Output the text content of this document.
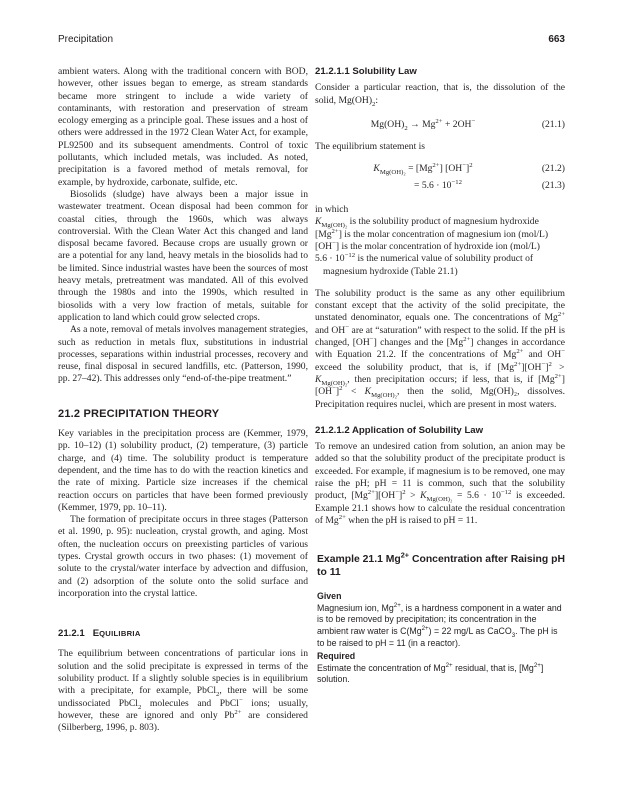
Precipitation	663

ambient waters. Along with the traditional concern with BOD, however, other issues began to emerge, as stream standards became more stringent to include a wide variety of contaminants, with restoration and preservation of stream ecology emerging as a principle goal. These issues and a host of others were addressed in the 1972 Clean Water Act, for example, PL92500 and its subsequent amendments. Control of toxic pollutants, which included metals, was included. As noted, precipitation is a favored method of metals removal, for example, by hydroxide, carbonate, sulfide, etc.

Biosolids (sludge) have always been a major issue in wastewater treatment. Ocean disposal had been common for coastal cities, through the 1960s, which was always controversial. With the Clean Water Act this changed and land disposal became favored. Because crops are usually grown or are a potential for any land, heavy metals in the biosolids had to be limited. Since industrial wastes have been the sources of most heavy metals, pretreatment was mandated. All of this evolved through the 1980s and into the 1990s, which resulted in biosolids with a very low fraction of metals, suitable for application to land which could grow selected crops.

As a note, removal of metals involves management strategies, such as reduction in metals flux, substitutions in industrial processes, separations within industrial processes, recovery and reuse, final disposal in secured landfills, etc. (Patterson, 1990, pp. 27–42). This addresses only “end-of-the-pipe treatment.”

21.2 PRECIPITATION THEORY

Key variables in the precipitation process are (Kemmer, 1979, pp. 10–12) (1) solubility product, (2) temperature, (3) particle charge, and (4) time. The solubility product is temperature dependent, and the time has to do with the reaction kinetics and the rate of mixing. Particle size increases if the chemical reaction occurs on particles that have been formed previously (Kemmer, 1979, pp. 10–11).

The formation of precipitate occurs in three stages (Patterson et al. 1990, p. 95): nucleation, crystal growth, and aging. Most often, the nucleation occurs on preexisting particles of various types. Crystal growth occurs in two phases: (1) movement of solute to the crystal/water interface by advection and diffusion, and (2) adsorption of the solute onto the solid surface and incorporation into the crystal lattice.

21.2.1 EQUILIBRIA

The equilibrium between concentrations of particular ions in solution and the solid precipitate is expressed in terms of the solubility product. If a slightly soluble species is in equilibrium with a precipitate, for example, PbCl$_2$, there will be some undissociated PbCl$_2$ molecules and PbCl− ions; usually, however, these are ignored and only $Pb^{2+}$ are considered (Silberberg, 1996, p. 803).

21.2.1.1 Solubility Law

Consider a particular reaction, that is, the dissolution of the solid, $Mg(OH)_2$:

$Mg(OH)_2 \to Mg^{2+} + 2OH^-$	(21.1)

The equilibrium statement is

$K_{Mg(OH)_2} = [Mg^{2+}]$ $[OH^-]^2$	(21.2)
= $5.6 \cdot 10^{-12}$	(21.3)

in which

$K_{Mg(OH)_2}$ is the solubility product of magnesium hydroxide

$[Mg^{2+}]$ is the molar concentration of magnesium ion (mol/L)

[OH−] is the molar concentration of hydroxide ion (mol/L)

$5.6 \cdot 10^{-12}$ is the numerical value of solubility product of magnesium hydroxide (Table 21.1)

The solubility product is the same as any other equilibrium constant except that the activity of the solid precipitate, the unstated denominator, equals one. The concentrations of $Mg^{2+}$ and OH− are at “saturation” with respect to the solid. If the pH is changed, [OH−] changes and the $[Mg^{2+}]$ changes in accordance with Equation 21.2. If the concentrations of $Mg^{2+}$ and OH− exceed the solubility product, that is, if $[Mg^{2+}][OH^-]^2 > K_{Mg(OH)_2}$, then precipitation occurs; if less, that is, if $[Mg^{2+}][OH^-]^2 < K_{Mg(OH)_2}$, then the solid, Mg(OH)₂, dissolves. Precipitation requires nuclei, which are present in most waters.

21.2.1.2 Application of Solubility Law

To remove an undesired cation from solution, an anion may be added so that the solubility product of the precipitate product is exceeded. For example, if magnesium is to be removed, one may raise the pH; pH = 11 is common, such that the solubility product, $[Mg^{2+}][OH^-]^2 > K_{Mg(OH)_2} = 5.6 \cdot 10^{-12}$ is exceeded. Example 21.1 shows how to calculate the residual concentration of $Mg^{2+}$ when the pH is raised to pH = 11.

Example 21.1 $Mg^{2+}$ Concentration after Raising pH to 11
Given

Magnesium ion, $Mg^{2+}$, is a hardness component in a water and is to be removed by precipitation; its concentration in the ambient raw water is $C(Mg^{2+}) = 22$ mg/L as CaCO$_3$. The pH is to be raised to pH = 11 (in a reactor).

Required

Estimate the concentration of $Mg^{2+}$ residual, that is, $[Mg^{2+}]$ solution.
